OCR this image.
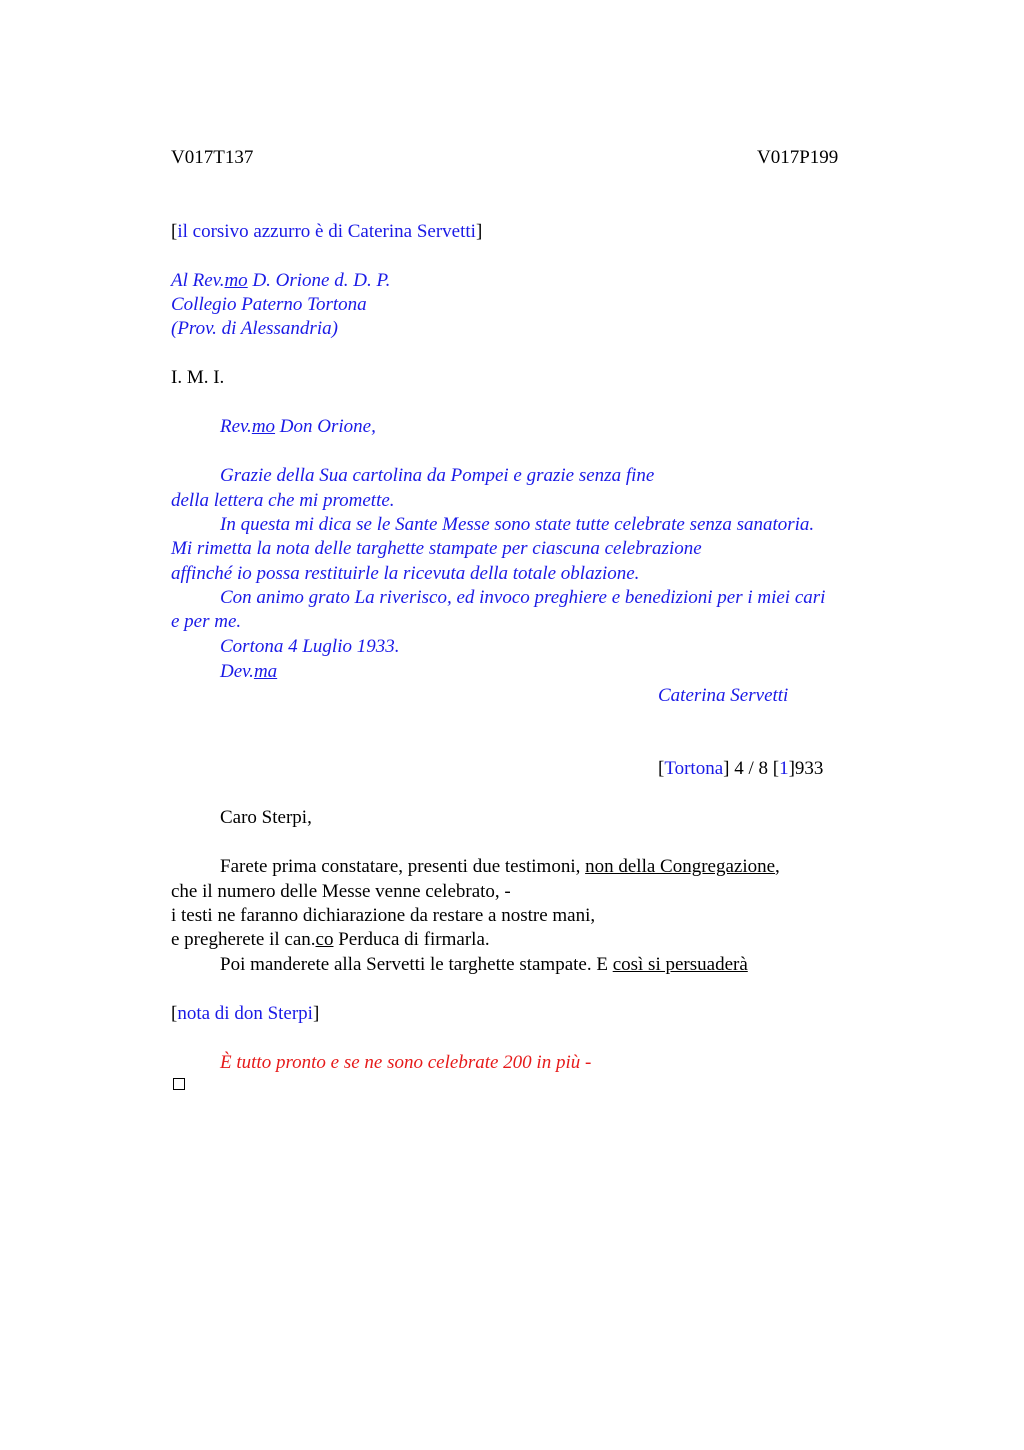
V017T137	V017P199
[il corsivo azzurro è di Caterina Servetti]
Al Rev.mo D. Orione d. D. P.
Collegio Paterno Tortona
(Prov. di Alessandria)
I. M. I.
Rev.mo Don Orione,
Grazie della Sua cartolina da Pompei e grazie senza fine
della lettera che mi promette.
In questa mi dica se le Sante Messe sono state tutte celebrate senza sanatoria.
Mi rimetta la nota delle targhette stampate per ciascuna celebrazione
affinché io possa restituirle la ricevuta della totale oblazione.
Con animo grato La riverisco, ed invoco preghiere e benedizioni per i miei cari
e per me.
Cortona 4 Luglio 1933.
Dev.ma
Caterina Servetti
[Tortona] 4 / 8 [1]933
Caro Sterpi,
Farete prima constatare, presenti due testimoni, non della Congregazione,
che il numero delle Messe venne celebrato, -
i testi ne faranno dichiarazione da restare a nostre mani,
e pregherete il can.co Perduca di firmarla.
Poi manderete alla Servetti le targhette stampate. E così si persuaderà
[nota di don Sterpi]
È tutto pronto e se ne sono celebrate 200 in più -
